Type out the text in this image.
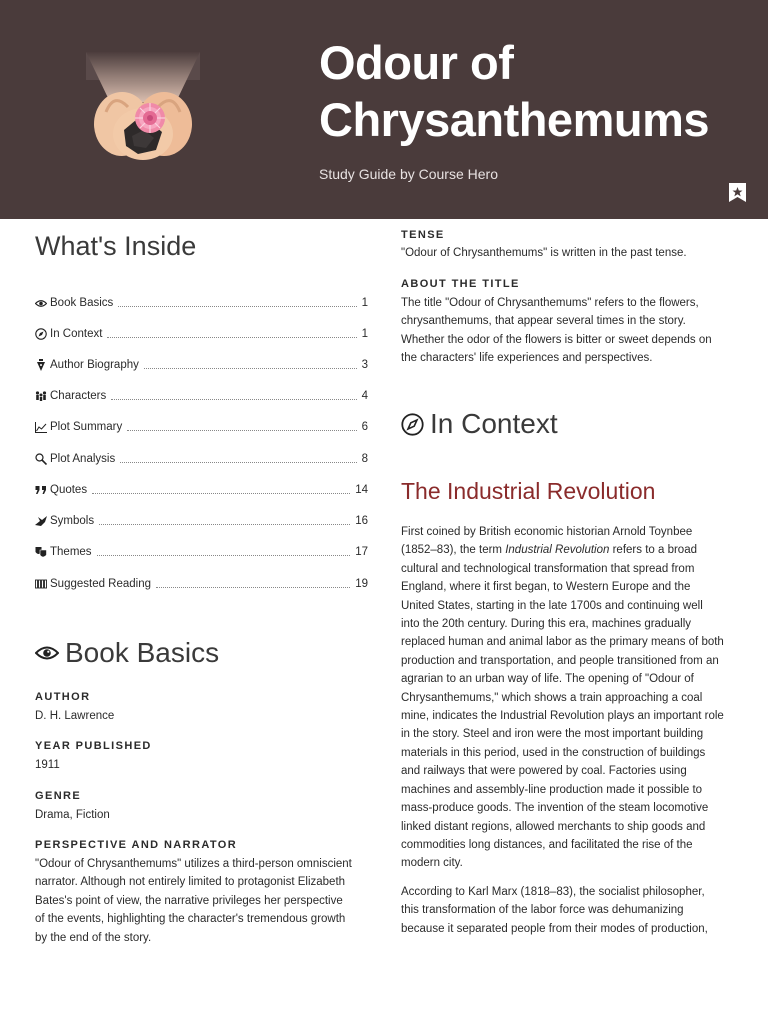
Odour of
Chrysanthemums
Study Guide by Course Hero
What's Inside
Book Basics	1
In Context	1
Author Biography	3
Characters	4
Plot Summary	6
Plot Analysis	8
Quotes	14
Symbols	16
Themes	17
Suggested Reading	19
Book Basics
AUTHOR
D. H. Lawrence
YEAR PUBLISHED
1911
GENRE
Drama, Fiction
PERSPECTIVE AND NARRATOR
"Odour of Chrysanthemums" utilizes a third-person omniscient
narrator. Although not entirely limited to protagonist Elizabeth
Bates's point of view, the narrative privileges her perspective
of the events, highlighting the character's tremendous growth
by the end of the story.
TENSE
"Odour of Chrysanthemums" is written in the past tense.
ABOUT THE TITLE
The title "Odour of Chrysanthemums" refers to the flowers,
chrysanthemums, that appear several times in the story.
Whether the odor of the flowers is bitter or sweet depends on
the characters' life experiences and perspectives.
In Context
The Industrial Revolution
First coined by British economic historian Arnold Toynbee
(1852–83), the term Industrial Revolution refers to a broad
cultural and technological transformation that spread from
England, where it first began, to Western Europe and the
United States, starting in the late 1700s and continuing well
into the 20th century. During this era, machines gradually
replaced human and animal labor as the primary means of both
production and transportation, and people transitioned from an
agrarian to an urban way of life. The opening of "Odour of
Chrysanthemums," which shows a train approaching a coal
mine, indicates the Industrial Revolution plays an important role
in the story. Steel and iron were the most important building
materials in this period, used in the construction of buildings
and railways that were powered by coal. Factories using
machines and assembly-line production made it possible to
mass-produce goods. The invention of the steam locomotive
linked distant regions, allowed merchants to ship goods and
commodities long distances, and facilitated the rise of the
modern city.
According to Karl Marx (1818–83), the socialist philosopher,
this transformation of the labor force was dehumanizing
because it separated people from their modes of production,
